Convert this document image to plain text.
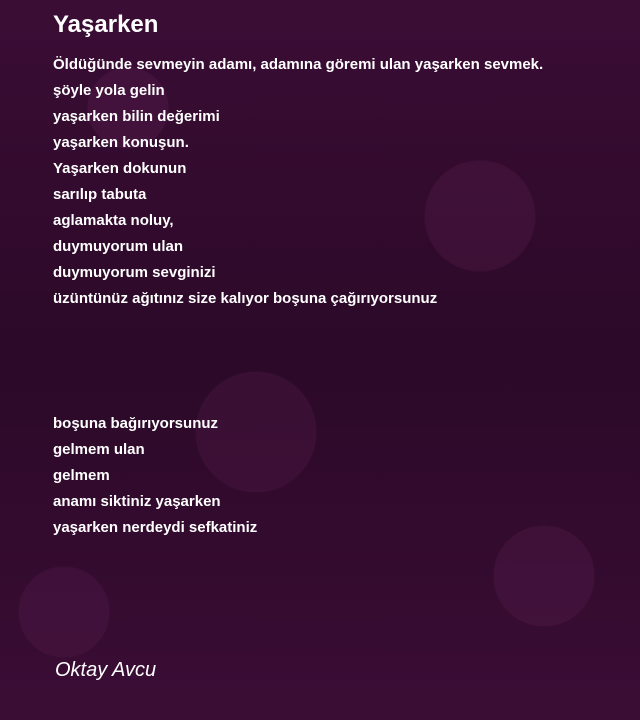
Yaşarken
Öldüğünde sevmeyin adamı, adamına göremi ulan yaşarken sevmek.
şöyle yola gelin
yaşarken bilin değerimi
yaşarken konuşun.
Yaşarken dokunun
sarılıp tabuta
aglamakta noluy,
duymuyorum ulan
duymuyorum sevginizi
üzüntünüz ağıtınız size kalıyor boşuna çağırıyorsunuz
boşuna bağırıyorsunuz
gelmem ulan
gelmem
anamı siktiniz yaşarken
yaşarken nerdeydi sefkatiniz
Oktay Avcu
